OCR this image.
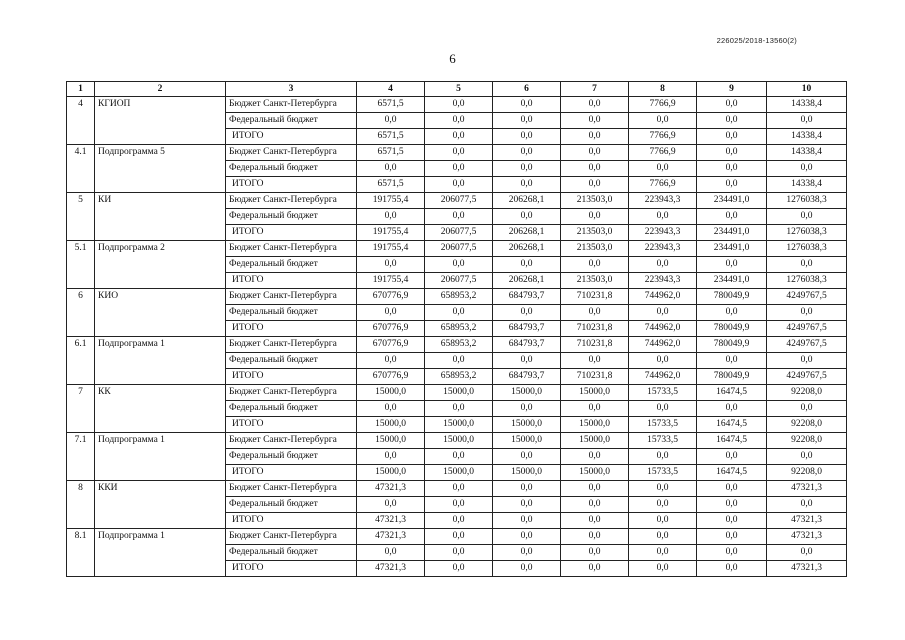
226025/2018-13560(2)
6
1	2	3	4	5	6	7	8	9	10
4	КГИОП	Бюджет Санкт-Петербурга	6571,5	0,0	0,0	0,0	7766,9	0,0	14338,4
		Федеральный бюджет	0,0	0,0	0,0	0,0	0,0	0,0	0,0
		ИТОГО	6571,5	0,0	0,0	0,0	7766,9	0,0	14338,4
4.1	Подпрограмма 5	Бюджет Санкт-Петербурга	6571,5	0,0	0,0	0,0	7766,9	0,0	14338,4
		Федеральный бюджет	0,0	0,0	0,0	0,0	0,0	0,0	0,0
		ИТОГО	6571,5	0,0	0,0	0,0	7766,9	0,0	14338,4
5	КИ	Бюджет Санкт-Петербурга	191755,4	206077,5	206268,1	213503,0	223943,3	234491,0	1276038,3
		Федеральный бюджет	0,0	0,0	0,0	0,0	0,0	0,0	0,0
		ИТОГО	191755,4	206077,5	206268,1	213503,0	223943,3	234491,0	1276038,3
5.1	Подпрограмма 2	Бюджет Санкт-Петербурга	191755,4	206077,5	206268,1	213503,0	223943,3	234491,0	1276038,3
		Федеральный бюджет	0,0	0,0	0,0	0,0	0,0	0,0	0,0
		ИТОГО	191755,4	206077,5	206268,1	213503,0	223943,3	234491,0	1276038,3
6	КИО	Бюджет Санкт-Петербурга	670776,9	658953,2	684793,7	710231,8	744962,0	780049,9	4249767,5
		Федеральный бюджет	0,0	0,0	0,0	0,0	0,0	0,0	0,0
		ИТОГО	670776,9	658953,2	684793,7	710231,8	744962,0	780049,9	4249767,5
6.1	Подпрограмма 1	Бюджет Санкт-Петербурга	670776,9	658953,2	684793,7	710231,8	744962,0	780049,9	4249767,5
		Федеральный бюджет	0,0	0,0	0,0	0,0	0,0	0,0	0,0
		ИТОГО	670776,9	658953,2	684793,7	710231,8	744962,0	780049,9	4249767,5
7	КК	Бюджет Санкт-Петербурга	15000,0	15000,0	15000,0	15000,0	15733,5	16474,5	92208,0
		Федеральный бюджет	0,0	0,0	0,0	0,0	0,0	0,0	0,0
		ИТОГО	15000,0	15000,0	15000,0	15000,0	15733,5	16474,5	92208,0
7.1	Подпрограмма 1	Бюджет Санкт-Петербурга	15000,0	15000,0	15000,0	15000,0	15733,5	16474,5	92208,0
		Федеральный бюджет	0,0	0,0	0,0	0,0	0,0	0,0	0,0
		ИТОГО	15000,0	15000,0	15000,0	15000,0	15733,5	16474,5	92208,0
8	ККИ	Бюджет Санкт-Петербурга	47321,3	0,0	0,0	0,0	0,0	0,0	47321,3
		Федеральный бюджет	0,0	0,0	0,0	0,0	0,0	0,0	0,0
		ИТОГО	47321,3	0,0	0,0	0,0	0,0	0,0	47321,3
8.1	Подпрограмма 1	Бюджет Санкт-Петербурга	47321,3	0,0	0,0	0,0	0,0	0,0	47321,3
		Федеральный бюджет	0,0	0,0	0,0	0,0	0,0	0,0	0,0
		ИТОГО	47321,3	0,0	0,0	0,0	0,0	0,0	47321,3
